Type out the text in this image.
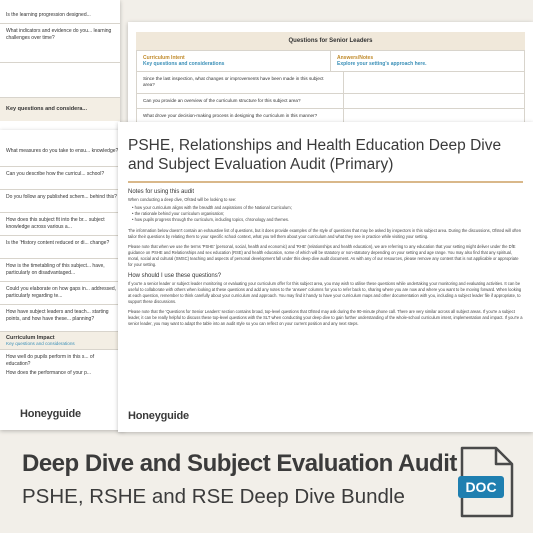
Is the learning progression designed...
What indicators and evidence do you... learning challenges over time?
Key questions and considera...
Questions for Senior Leaders
Curriculum Intent
Key questions and considerations
Answers/Notes
Explore your setting's approach here.
Since the last inspection, what changes or improvements have been made in this subject area?
Can you provide an overview of the curriculum structure for this subject area?
What drove your decision-making process in designing the curriculum in this manner?
What measures do you take to ensu... knowledge?
Can you describe how the curricul... school?
Do you follow any published schem... behind this?
How does this subject fit into the br... subject knowledge across various a...
Is the 'History content reduced or di... change?
How is the timetabling of this subject... have, particularly on disadvantaged...
Could you elaborate on how gaps in... addressed, particularly regarding te...
How have subject leaders and teach... starting points, and how have these... planning?
Curriculum Impact
Key questions and considerations
How well do pupils perform in this s... of education?
How does the performance of your p...
Honeyguide
PSHE, Relationships and Health Education Deep Dive and Subject Evaluation Audit (Primary)
Notes for using this audit
When conducting a deep dive, Ofsted will be looking to see:
• how your curriculum aligns with the breadth and aspirations of the National Curriculum;
• the rationale behind your curriculum organisation;
• how pupils progress through the curriculum, including topics, chronology and themes.
The information below doesn't contain an exhaustive list of questions, but it does provide examples of the style of questions that may be asked by inspectors in this subject area. During the discussions, Ofsted will often tailor their questions by relating them to your specific school context, what you tell them about your curriculum and what they see in practice while visiting your setting.
Please note that when we use the terms 'PSHE' (personal, social, health and economic) and 'RHE' (relationships and health education), we are referring to any education that your setting might deliver under the DfE guidance on PSHE and Relationships and sex education (RSE) and health education, some of which will be statutory or non-statutory depending on your setting and age range. You may also find that any spiritual, moral, social and cultural (SMSC) teaching and aspects of personal development fall under this deep dive audit document. As with any of our resources, please remove any content that is not applicable or appropriate for your setting.
How should I use these questions?
If you're a senior leader or subject leader monitoring or evaluating your curriculum offer for this subject area, you may wish to utilise these questions while undertaking your monitoring and evaluating activities. It can be useful to collaborate with others when looking at these questions and add any notes to the 'answer' columns for you to refer back to, sharing where you are now and where you want to be moving forward. When looking at each question, remember to think carefully about your curriculum and approach. You may find it handy to have your curriculum maps and other documentation with you, including a subject leader file if appropriate, to support these discussions.
Please note that the 'Questions for Senior Leaders' section contains broad, top-level questions that Ofsted may ask during the 90-minute phone call. There are very similar across all subject areas. If you're a subject leader, it can be really helpful to discuss these top-level questions with the SLT when conducting your deep dive to gain further understanding of the whole-school curriculum intent, implementation and impact. If you're a senior leader, you may want to adapt the table into an audit style so you can reflect on your current position and any next steps.
Honeyguide
Deep Dive and Subject Evaluation Audit
PSHE, RSHE and RSE Deep Dive Bundle	DOC
